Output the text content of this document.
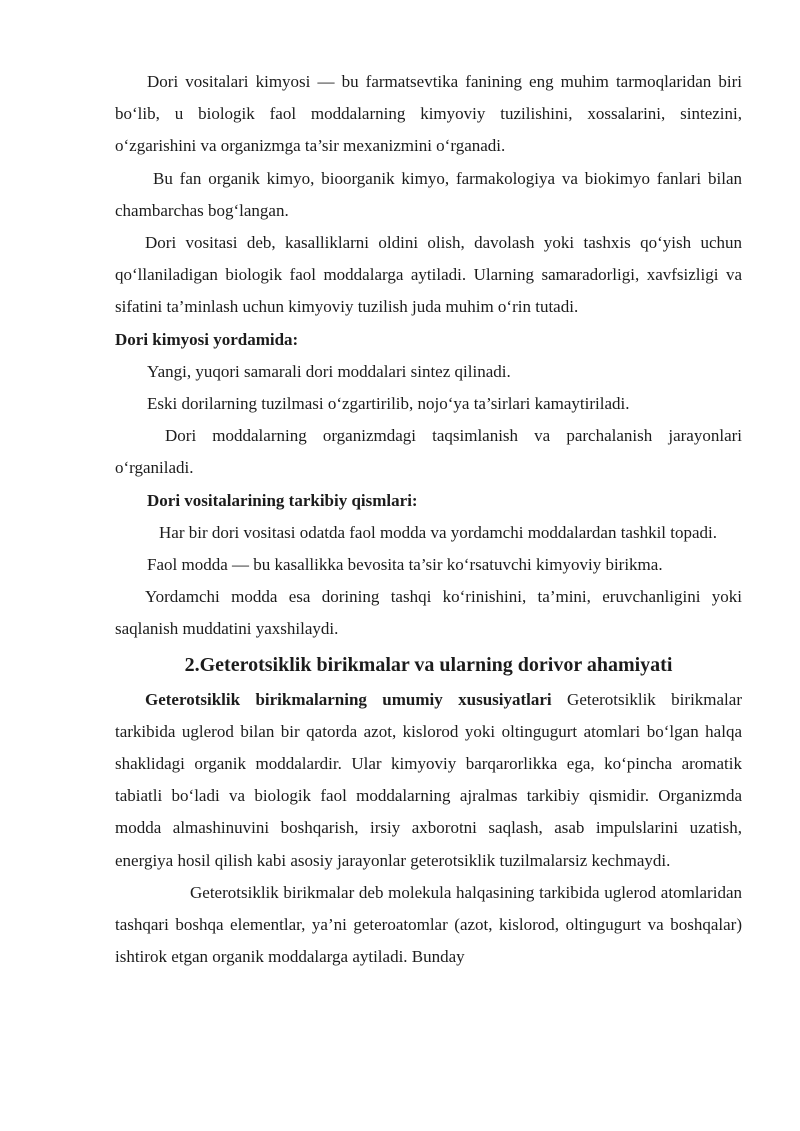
Dori vositalari kimyosi — bu farmatsevtika fanining eng muhim tarmoqlaridan biri bo‘lib, u biologik faol moddalarning kimyoviy tuzilishini, xossalarini, sintezini, o‘zgarishini va organizmga ta’sir mexanizmini o‘rganadi.

Bu fan organik kimyo, bioorganik kimyo, farmakologiya va biokimyo fanlari bilan chambarchas bog‘langan.

Dori vositasi deb, kasalliklarni oldini olish, davolash yoki tashxis qo‘yish uchun qo‘llaniladigan biologik faol moddalarga aytiladi. Ularning samaradorligi, xavfsizligi va sifatini ta’minlash uchun kimyoviy tuzilish juda muhim o‘rin tutadi.

Dori kimyosi yordamida:

Yangi, yuqori samarali dori moddalari sintez qilinadi.

Eski dorilarning tuzilmasi o‘zgartirilib, nojo‘ya ta’sirlari kamaytiriladi.

Dori moddalarning organizmdagi taqsimlanish va parchalanish jarayonlari o‘rganiladi.

Dori vositalarining tarkibiy qismlari:

Har bir dori vositasi odatda faol modda va yordamchi moddalardan tashkil topadi.

Faol modda — bu kasallikka bevosita ta’sir ko‘rsatuvchi kimyoviy birikma.

Yordamchi modda esa dorining tashqi ko‘rinishini, ta’mini, eruvchanligini yoki saqlanish muddatini yaxshilaydi.

2.Geterotsiklik birikmalar va ularning dorivor ahamiyati

Geterotsiklik birikmalarning umumiy xususiyatlari Geterotsiklik birikmalar tarkibida uglerod bilan bir qatorda azot, kislorod yoki oltingugurt atomlari bo‘lgan halqa shaklidagi organik moddalardir. Ular kimyoviy barqarorlikka ega, ko‘pincha aromatik tabiatli bo‘ladi va biologik faol moddalarning ajralmas tarkibiy qismidir. Organizmda modda almashinuvini boshqarish, irsiy axborotni saqlash, asab impulslarini uzatish, energiya hosil qilish kabi asosiy jarayonlar geterotsiklik tuzilmalarsiz kechmaydi.

Geterotsiklik birikmalar deb molekula halqasining tarkibida uglerod atomlaridan tashqari boshqa elementlar, ya’ni geteroatomlar (azot, kislorod, oltingugurt va boshqalar) ishtirok etgan organik moddalarga aytiladi. Bunday
